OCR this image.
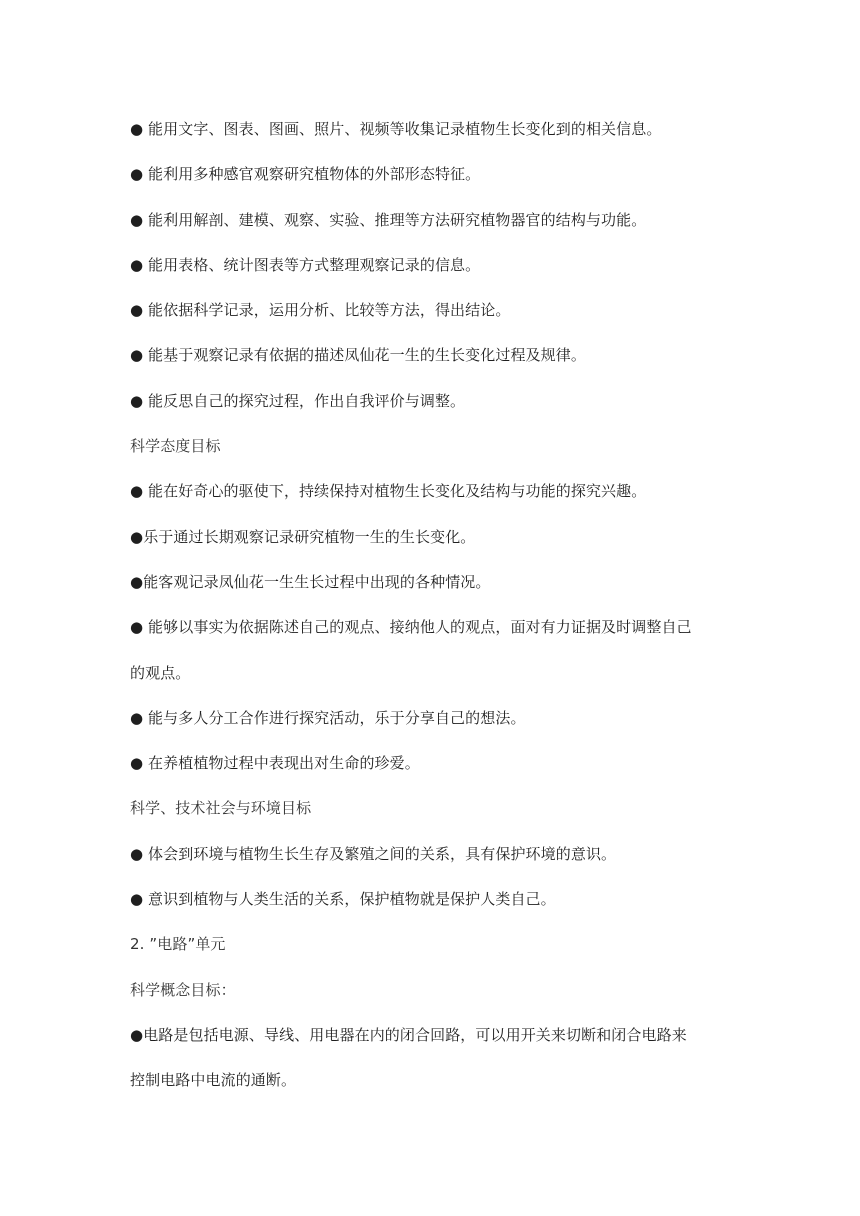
● 能用文字、图表、图画、照片、视频等收集记录植物生长变化到的相关信息。
● 能利用多种感官观察研究植物体的外部形态特征。
● 能利用解剖、建模、观察、实验、推理等方法研究植物器官的结构与功能。
● 能用表格、统计图表等方式整理观察记录的信息。
● 能依据科学记录，运用分析、比较等方法，得出结论。
● 能基于观察记录有依据的描述凤仙花一生的生长变化过程及规律。
● 能反思自己的探究过程，作出自我评价与调整。
科学态度目标
● 能在好奇心的驱使下，持续保持对植物生长变化及结构与功能的探究兴趣。
●乐于通过长期观察记录研究植物一生的生长变化。
●能客观记录凤仙花一生生长过程中出现的各种情况。
● 能够以事实为依据陈述自己的观点、接纳他人的观点，面对有力证据及时调整自己
的观点。
● 能与多人分工合作进行探究活动，乐于分享自己的想法。
● 在养植植物过程中表现出对生命的珍爱。
科学、技术社会与环境目标
● 体会到环境与植物生长生存及繁殖之间的关系，具有保护环境的意识。
● 意识到植物与人类生活的关系，保护植物就是保护人类自己。
2. ”电路”单元
科学概念目标：
●电路是包括电源、导线、用电器在内的闭合回路，可以用开关来切断和闭合电路来
控制电路中电流的通断。
